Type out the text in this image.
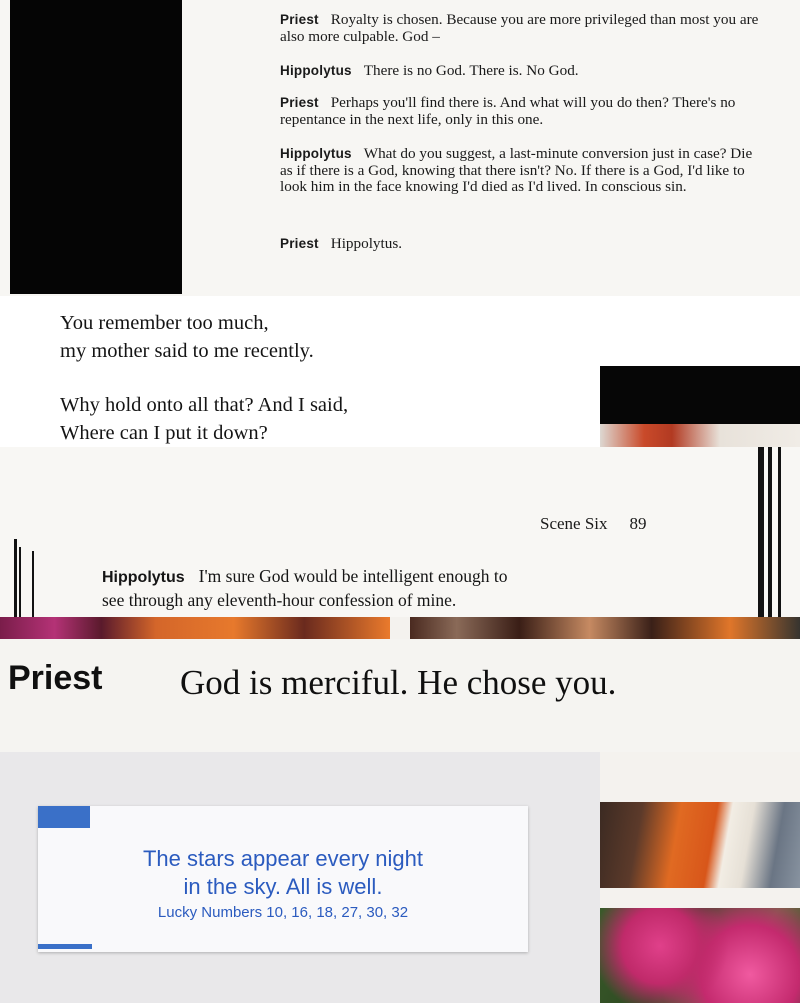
Priest Royalty is chosen. Because you are more privileged than most you are also more culpable. God –
Hippolytus There is no God. There is. No God.
Priest Perhaps you'll find there is. And what will you do then? There's no repentance in the next life, only in this one.
Hippolytus What do you suggest, a last-minute conversion just in case? Die as if there is a God, knowing that there isn't? No. If there is a God, I'd like to look him in the face knowing I'd died as I'd lived. In conscious sin.
Priest Hippolytus.
You remember too much,
my mother said to me recently.
Why hold onto all that? And I said,
Where can I put it down?
Scene Six 89
Hippolytus I'm sure God would be intelligent enough to
see through any eleventh-hour confession of mine.
Priest God is merciful. He chose you.
The stars appear every night
in the sky. All is well.
Lucky Numbers 10, 16, 18, 27, 30, 32
